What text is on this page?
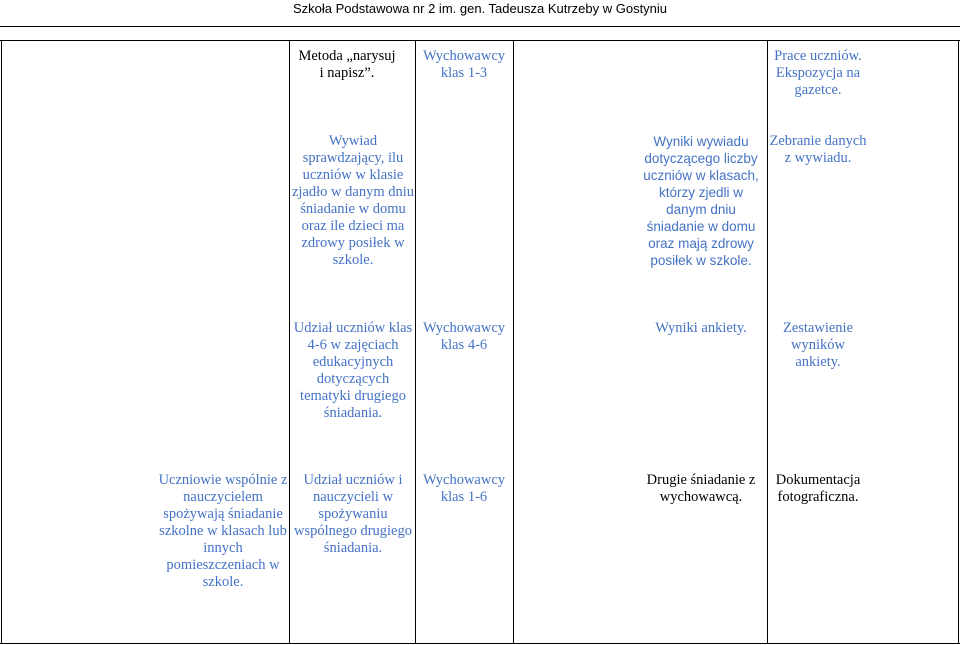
Szkoła Podstawowa nr 2 im. gen. Tadeusza Kutrzeby w Gostyniu
Metoda „narysuj i napisz”.
Wychowawcy klas 1-3
Prace uczniów. Ekspozycja na gazetce.
Wywiad sprawdzający, ilu uczniów w klasie zjadło w danym dniu śniadanie w domu oraz ile dzieci ma zdrowy posiłek w szkole.
Wyniki wywiadu dotyczącego liczby uczniów w klasach, którzy zjedli w danym dniu śniadanie w domu oraz mają zdrowy posiłek w szkole.
Zebranie danych z wywiadu.
Udział uczniów klas 4-6 w zajęciach edukacyjnych dotyczących tematyki drugiego śniadania.
Wychowawcy klas 4-6
Wyniki ankiety.	Zestawienie wyników ankiety.
Uczniowie wspólnie z nauczycielem spożywają śniadanie szkolne w klasach lub innych pomieszczeniach w szkole.
Udział uczniów i nauczycieli w spożywaniu wspólnego drugiego śniadania.
Wychowawcy klas 1-6
Drugie śniadanie z wychowawcą.
Dokumentacja fotograficzna.
